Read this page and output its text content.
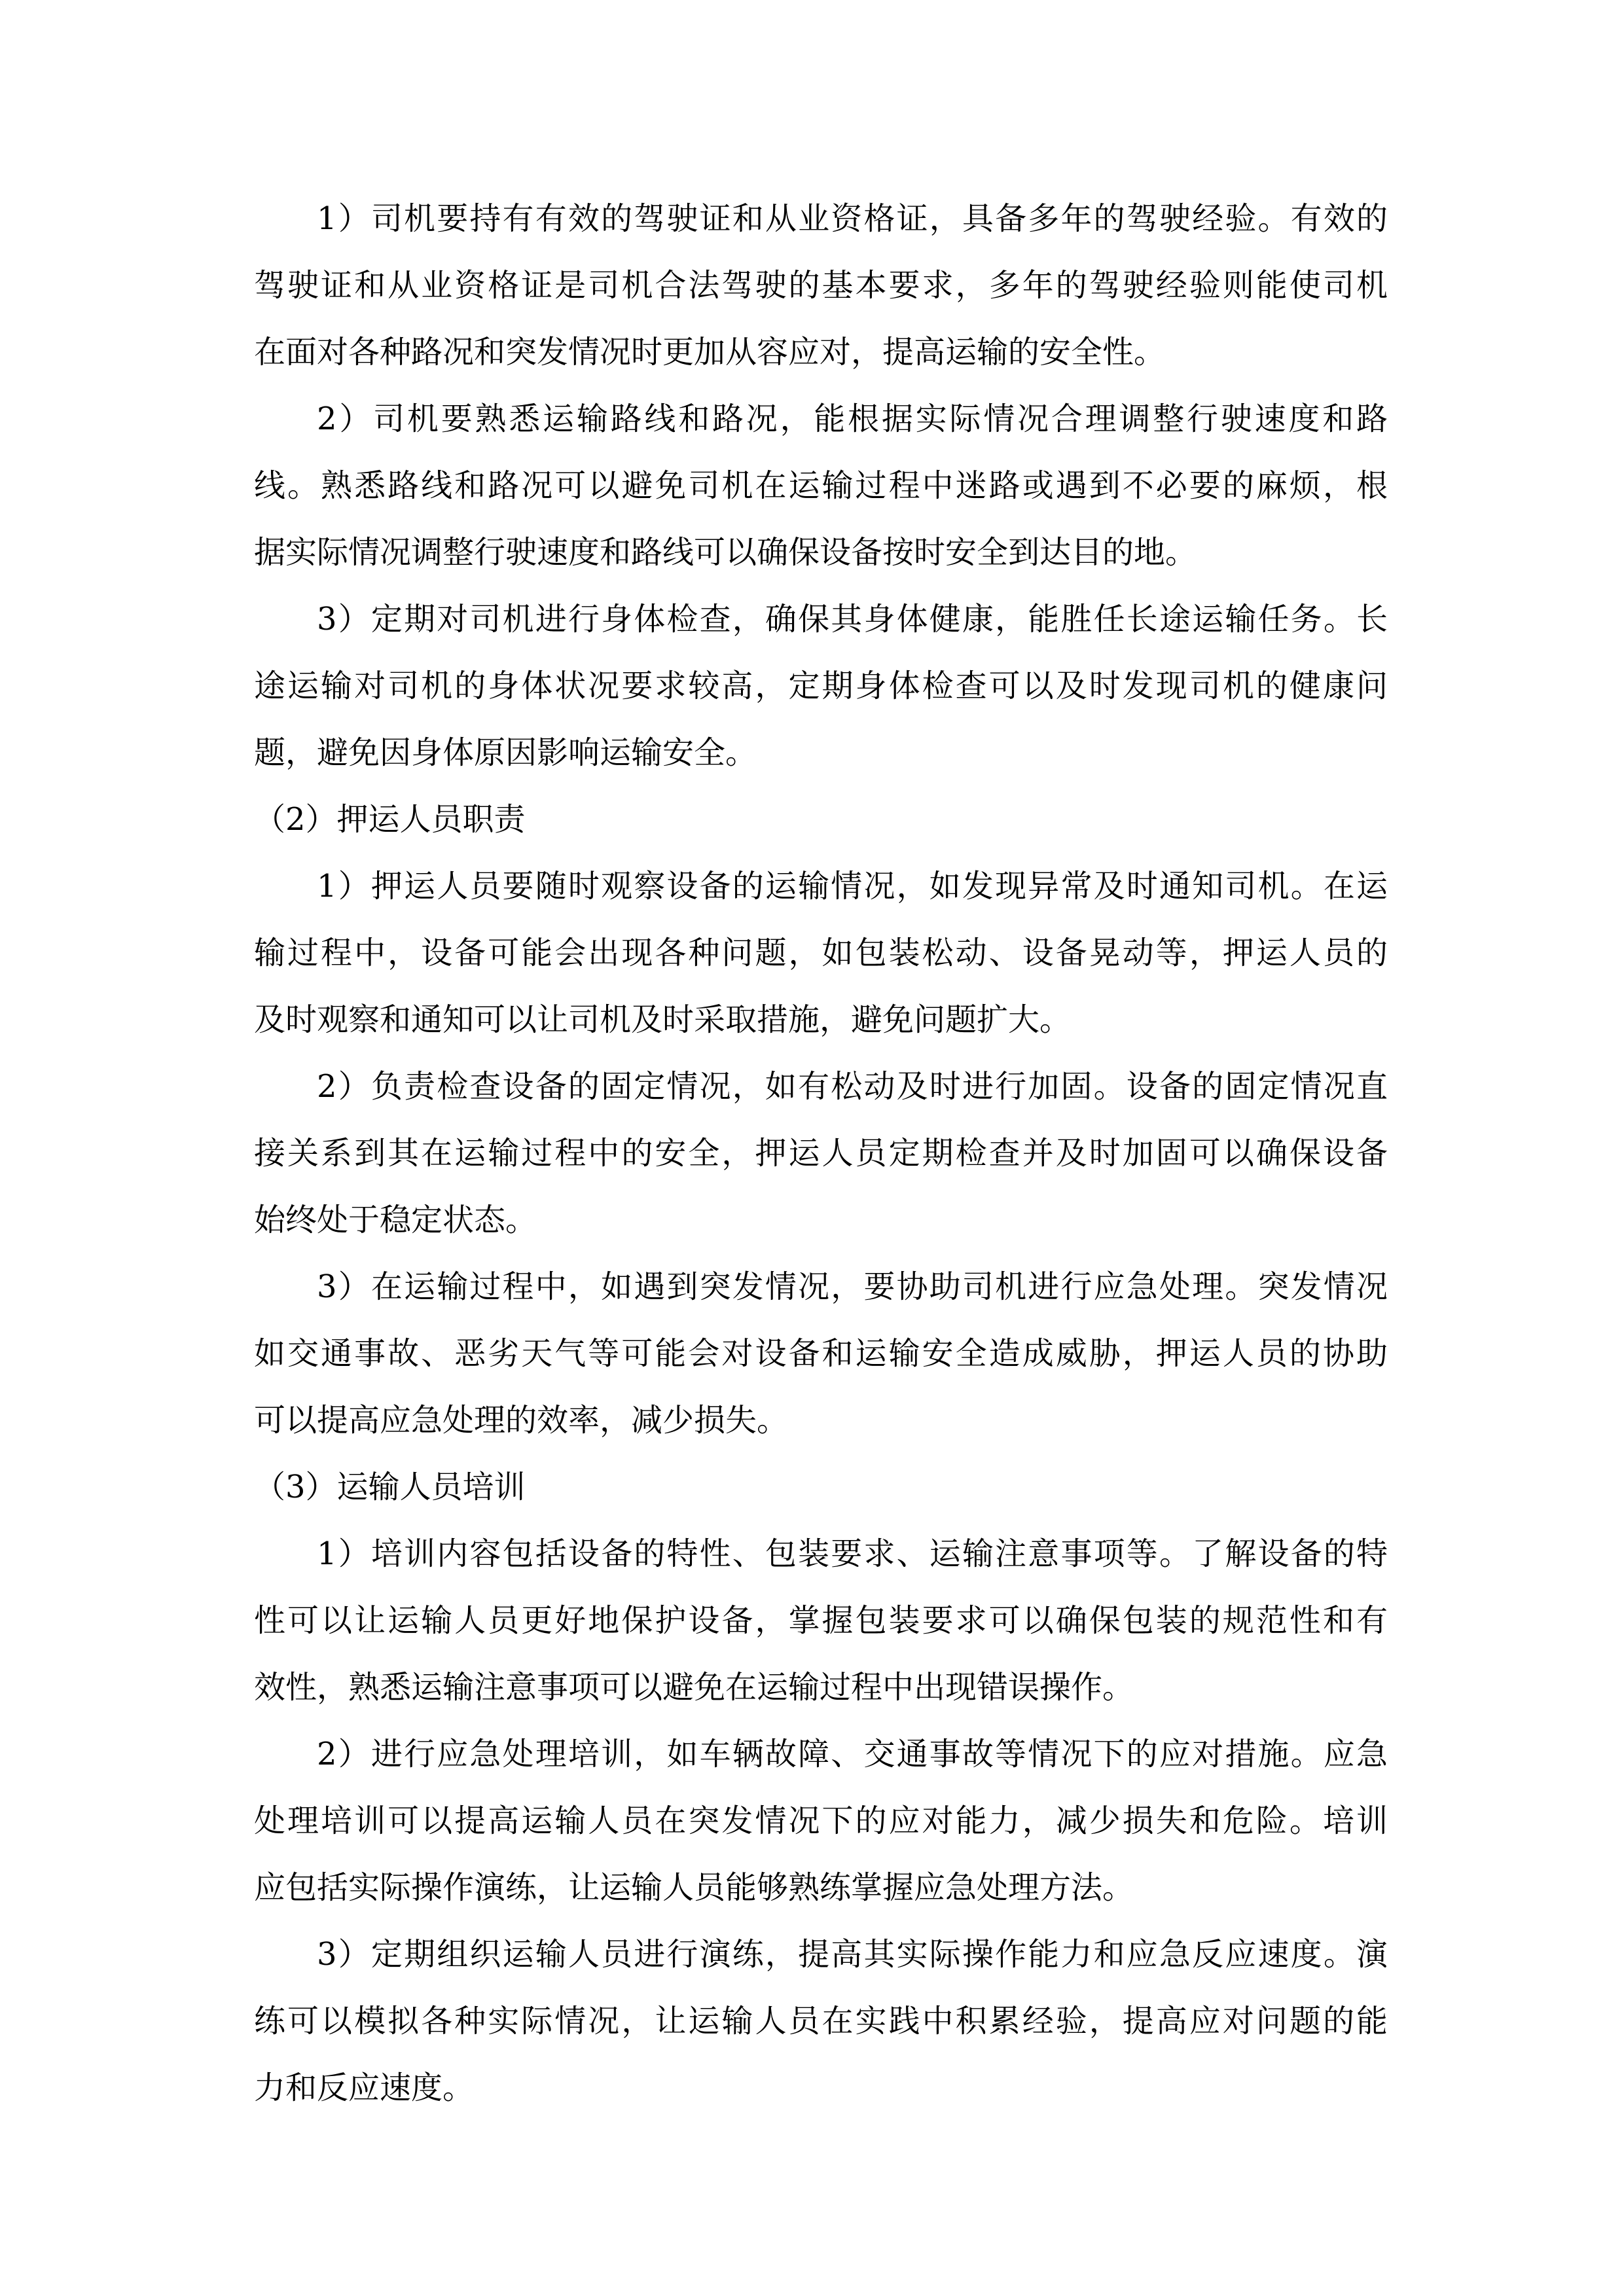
1）司机要持有有效的驾驶证和从业资格证，具备多年的驾驶经验。有效的
驾驶证和从业资格证是司机合法驾驶的基本要求，多年的驾驶经验则能使司机
在面对各种路况和突发情况时更加从容应对，提高运输的安全性。
2）司机要熟悉运输路线和路况，能根据实际情况合理调整行驶速度和路
线。熟悉路线和路况可以避免司机在运输过程中迷路或遇到不必要的麻烦，根
据实际情况调整行驶速度和路线可以确保设备按时安全到达目的地。
3）定期对司机进行身体检查，确保其身体健康，能胜任长途运输任务。长
途运输对司机的身体状况要求较高，定期身体检查可以及时发现司机的健康问
题，避免因身体原因影响运输安全。
（2）押运人员职责
1）押运人员要随时观察设备的运输情况，如发现异常及时通知司机。在运
输过程中，设备可能会出现各种问题，如包装松动、设备晃动等，押运人员的
及时观察和通知可以让司机及时采取措施，避免问题扩大。
2）负责检查设备的固定情况，如有松动及时进行加固。设备的固定情况直
接关系到其在运输过程中的安全，押运人员定期检查并及时加固可以确保设备
始终处于稳定状态。
3）在运输过程中，如遇到突发情况，要协助司机进行应急处理。突发情况
如交通事故、恶劣天气等可能会对设备和运输安全造成威胁，押运人员的协助
可以提高应急处理的效率，减少损失。
（3）运输人员培训
1）培训内容包括设备的特性、包装要求、运输注意事项等。了解设备的特
性可以让运输人员更好地保护设备，掌握包装要求可以确保包装的规范性和有
效性，熟悉运输注意事项可以避免在运输过程中出现错误操作。
2）进行应急处理培训，如车辆故障、交通事故等情况下的应对措施。应急
处理培训可以提高运输人员在突发情况下的应对能力，减少损失和危险。培训
应包括实际操作演练，让运输人员能够熟练掌握应急处理方法。
3）定期组织运输人员进行演练，提高其实际操作能力和应急反应速度。演
练可以模拟各种实际情况，让运输人员在实践中积累经验，提高应对问题的能
力和反应速度。
